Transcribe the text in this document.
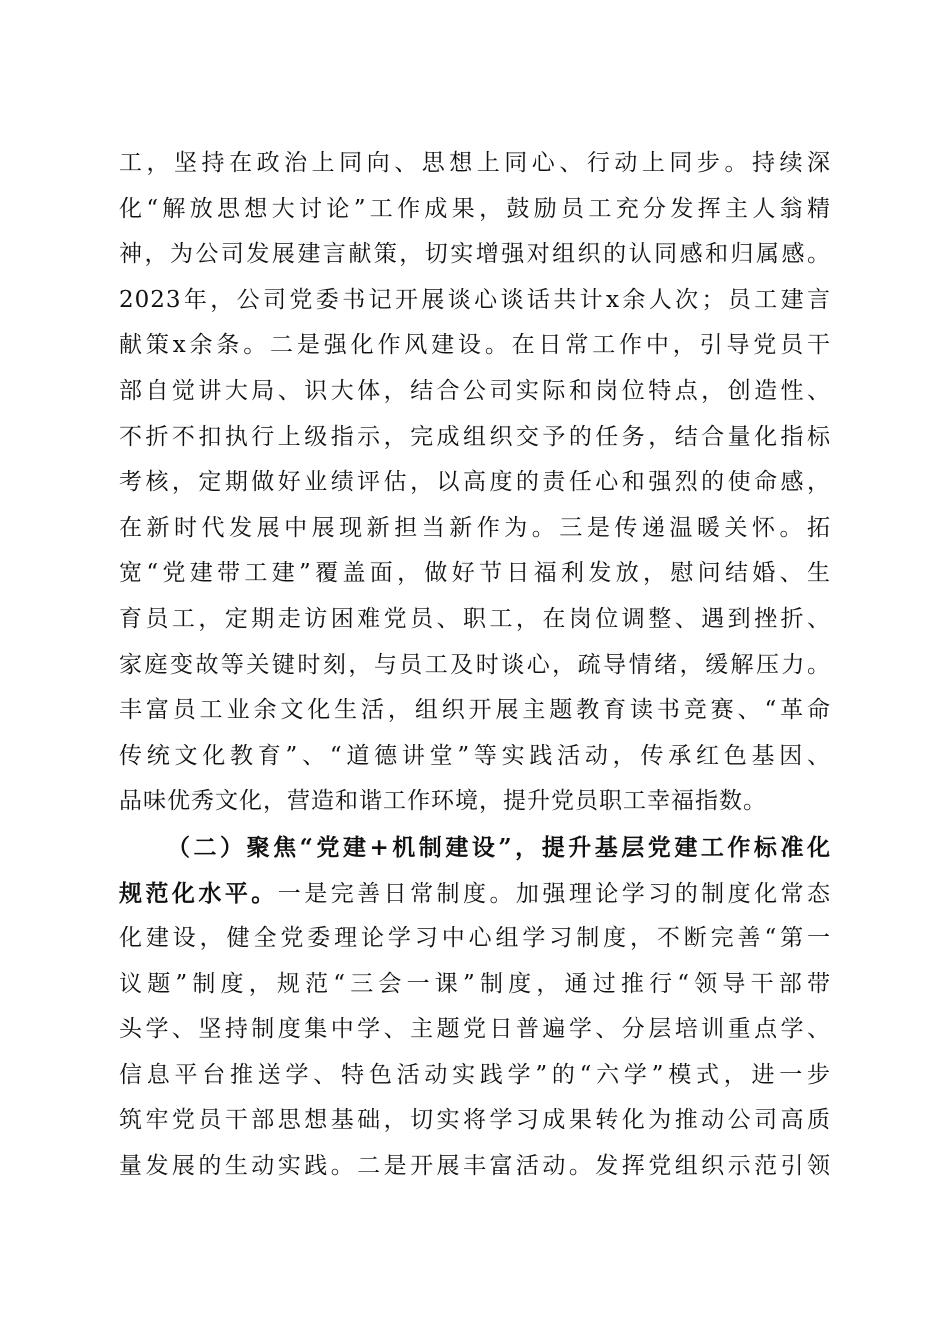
工，坚持在政治上同向、思想上同心、行动上同步。持续深
化“解放思想大讨论”工作成果，鼓励员工充分发挥主人翁精
神，为公司发展建言献策，切实增强对组织的认同感和归属感。
2023年，公司党委书记开展谈心谈话共计x余人次；员工建言
献策x余条。二是强化作风建设。在日常工作中，引导党员干
部自觉讲大局、识大体，结合公司实际和岗位特点，创造性、
不折不扣执行上级指示，完成组织交予的任务，结合量化指标
考核，定期做好业绩评估，以高度的责任心和强烈的使命感，
在新时代发展中展现新担当新作为。三是传递温暖关怀。拓
宽“党建带工建”覆盖面，做好节日福利发放，慰问结婚、生
育员工，定期走访困难党员、职工，在岗位调整、遇到挫折、
家庭变故等关键时刻，与员工及时谈心，疏导情绪，缓解压力。
丰富员工业余文化生活，组织开展主题教育读书竞赛、“革命
传统文化教育”、“道德讲堂”等实践活动，传承红色基因、
品味优秀文化，营造和谐工作环境，提升党员职工幸福指数。
（二）聚焦“党建+机制建设”，提升基层党建工作标准化
规范化水平。一是完善日常制度。加强理论学习的制度化常态
化建设，健全党委理论学习中心组学习制度，不断完善“第一
议题”制度，规范“三会一课”制度，通过推行“领导干部带
头学、坚持制度集中学、主题党日普遍学、分层培训重点学、
信息平台推送学、特色活动实践学”的“六学”模式，进一步
筑牢党员干部思想基础，切实将学习成果转化为推动公司高质
量发展的生动实践。二是开展丰富活动。发挥党组织示范引领
